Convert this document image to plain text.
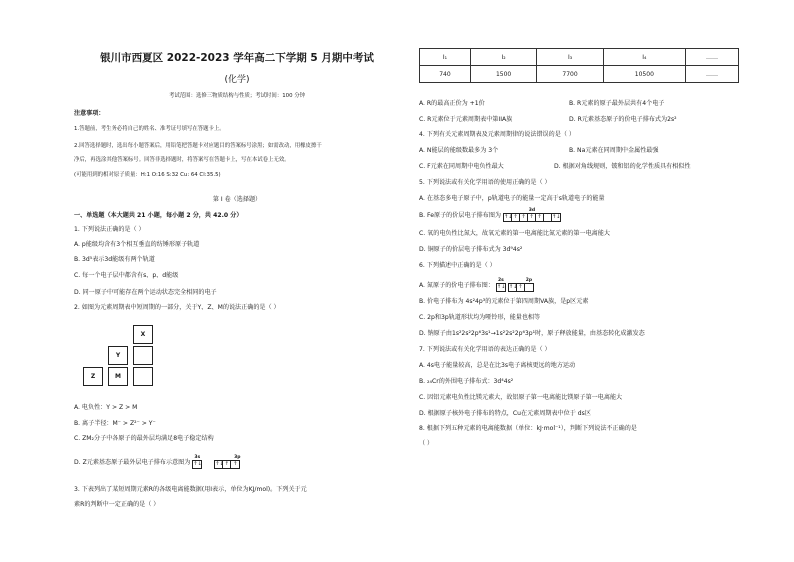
银川市西夏区 2022-2023 学年高二下学期 5 月期中考试
(化学)
考试范围：选修三物质结构与性质；考试时间：100 分钟
注意事项：
1.答题前，考生务必将自己的姓名、准考证号填写在答题卡上。
2.回答选择题时，选出每小题答案后，用铅笔把答题卡对应题目的答案标号涂黑；如需改动，用橡皮擦干
净后，再选涂其他答案标号。回答非选择题时，将答案写在答题卡上，写在本试卷上无效。
(可能用到的相对原子质量：H:1 O:16 S:32 Cu: 64 Cl:35.5)
第 I 卷（选择题）
一、单选题（本大题共 21 小题，每小题 2 分，共 42.0 分）
1. 下列说法正确的是（ ）
A. p能级均含有3个相互垂直的纺锤形原子轨道
B. 3d⁵表示3d能级有两个轨道
C. 每一个电子层中都含有s、p、d能级
D. 同一原子中可能存在两个运动状态完全相同的电子
2. 如图为元素周期表中短周期的一部分，关于Y、Z、M的说法正确的是（ ）
X
Y
M
Z
A. 电负性：Y > Z > M
B. 离子半径：M⁻ > Z²⁻ > Y⁻
C. ZM₂分子中各原子的最外层均满足8电子稳定结构
D. Z元素基态原子最外层电子排布示意图为
3s	3p
↑↓	↑↓ ↑ ↑
3. 下表列出了某短周期元素R的各级电离能数据(用I表示，单位为KJ/mol)。下列关于元
素R的判断中一定正确的是（ ）
I₁	I₂	I₃	I₄	……
740	1500	7700	10500	……
A. R的最高正价为 +1价	B. R元素的原子最外层共有4个电子
C. R元素位于元素周期表中第IIA族	D. R元素基态原子的价电子排布式为2s²
4. 下列有关元素周期表及元素周期律的说法错误的是（ ）
A. N能层的能级数最多为 3个	B. Na元素在同周期中金属性最强
C. F元素在同周期中电负性最大	D. 根据对角线规则，铍和铝的化学性质具有相似性
5. 下列说法或有关化学用语的使用正确的是（ ）
A. 在基态多电子原子中，p轨道电子的能量一定高于s轨道电子的能量
B. Fe原子的价层电子排布图为
3d
↑↓ ↑ ↑ ↑ ↑	↑↓
C. 氧的电负性比氮大，故氧元素的第一电离能比氮元素的第一电离能大
D. 铜原子的价层电子排布式为 3d⁹4s²
6. 下列描述中正确的是（ ）
A. 氮原子的价电子排布图：
2s	2p
↑↓ ↑↓ ↑
B. 价电子排布为 4s²4p³的元素位于第四周期VA族，是p区元素
C. 2p和3p轨道形状均为哑铃形，能量也相等
D. 钠原子由1s²2s²2p⁶3s¹→1s²2s²2p⁶3p¹时，原子释放能量，由基态转化成激发态
7. 下列说法或有关化学用语的表达正确的是（ ）
A. 4s电子能量较高，总是在比3s电子离核更远的地方运动
B. ₂₄Cr的外围电子排布式：3d⁴4s²
C. 因铝元素电负性比镁元素大，故铝原子第一电离能比镁原子第一电离能大
D. 根据原子核外电子排布的特点，Cu在元素周期表中位于 ds区
8. 根据下列五种元素的电离能数据（单位：kJ·mol⁻¹），判断下列说法不正确的是
（ ）
